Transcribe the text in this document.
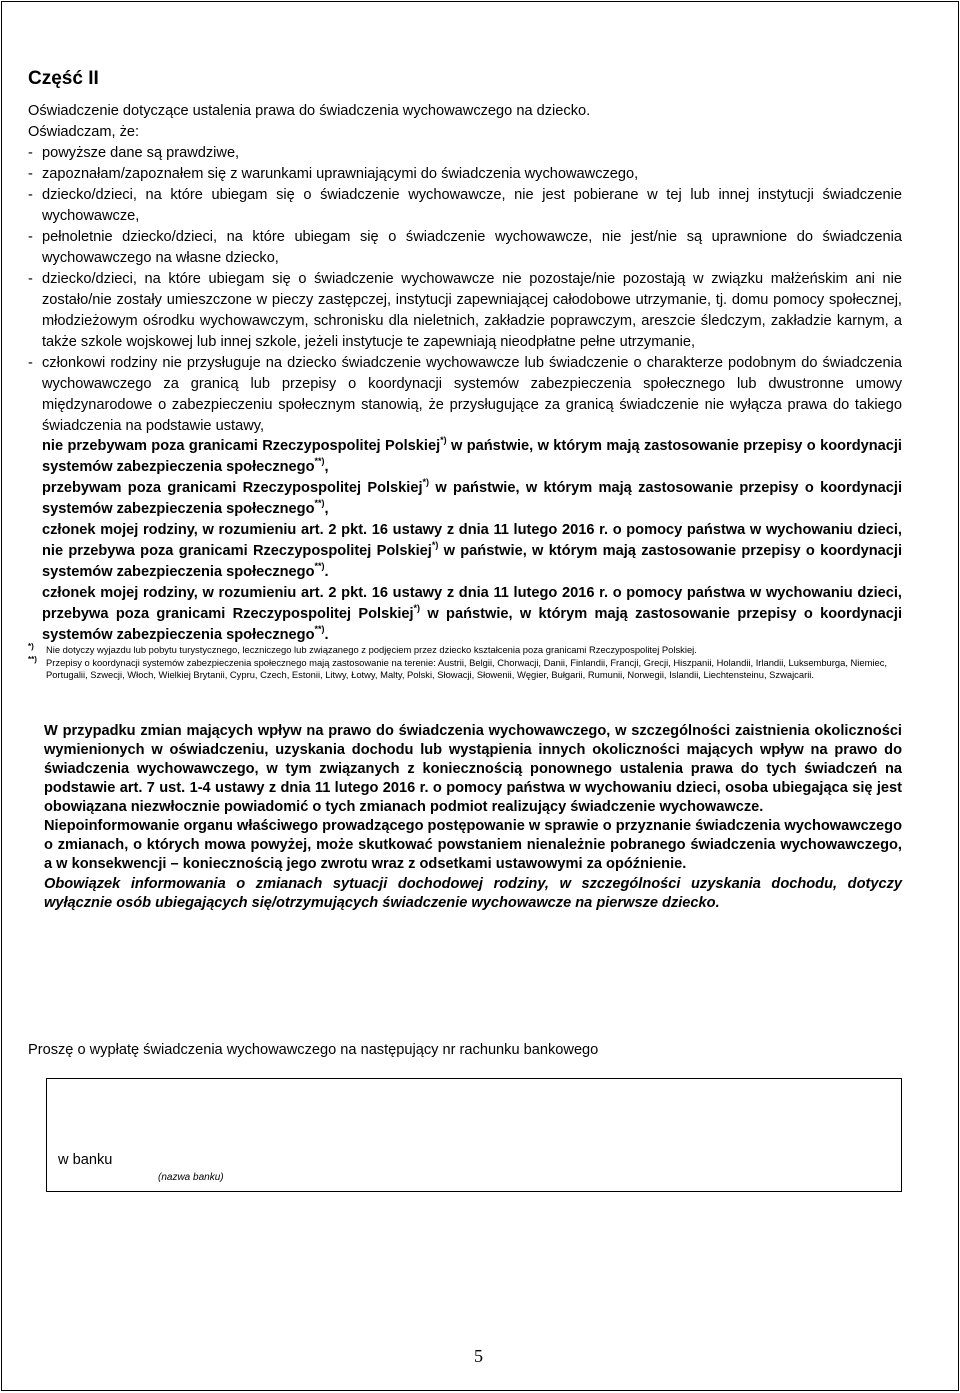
Część II

Oświadczenie dotyczące ustalenia prawa do świadczenia wychowawczego na dziecko.

Oświadczam, że:

- powyższe dane są prawdziwe,

- zapoznałam/zapoznałem się z warunkami uprawniającymi do świadczenia wychowawczego,

- dziecko/dzieci, na które ubiegam się o świadczenie wychowawcze, nie jest pobierane w tej lub innej instytucji świadczenie wychowawcze,

- pełnoletnie dziecko/dzieci, na które ubiegam się o świadczenie wychowawcze, nie jest/nie są uprawnione do świadczenia wychowawczego na własne dziecko,

- dziecko/dzieci, na które ubiegam się o świadczenie wychowawcze nie pozostaje/nie pozostają w związku małżeńskim ani nie zostało/nie zostały umieszczone w pieczy zastępczej, instytucji zapewniającej całodobowe utrzymanie, tj. domu pomocy społecznej, młodzieżowym ośrodku wychowawczym, schronisku dla nieletnich, zakładzie poprawczym, areszcie śledczym, zakładzie karnym, a także szkole wojskowej lub innej szkole, jeżeli instytucje te zapewniają nieodpłatne pełne utrzymanie,

- członkowi rodziny nie przysługuje na dziecko świadczenie wychowawcze lub świadczenie o charakterze podobnym do świadczenia wychowawczego za granicą lub przepisy o koordynacji systemów zabezpieczenia społecznego lub dwustronne umowy międzynarodowe o zabezpieczeniu społecznym stanowią, że przysługujące za granicą świadczenie nie wyłącza prawa do takiego świadczenia na podstawie ustawy,

nie przebywam poza granicami Rzeczypospolitej Polskiej*) w państwie, w którym mają zastosowanie przepisy o koordynacji systemów zabezpieczenia społecznego**),

przebywam poza granicami Rzeczypospolitej Polskiej*) w państwie, w którym mają zastosowanie przepisy o koordynacji systemów zabezpieczenia społecznego**),

członek mojej rodziny, w rozumieniu art. 2 pkt. 16 ustawy z dnia 11 lutego 2016 r. o pomocy państwa w wychowaniu dzieci, nie przebywa poza granicami Rzeczypospolitej Polskiej*) w państwie, w którym mają zastosowanie przepisy o koordynacji systemów zabezpieczenia społecznego**).

członek mojej rodziny, w rozumieniu art. 2 pkt. 16 ustawy z dnia 11 lutego 2016 r. o pomocy państwa w wychowaniu dzieci, przebywa poza granicami Rzeczypospolitej Polskiej*) w państwie, w którym mają zastosowanie przepisy o koordynacji systemów zabezpieczenia społecznego**).

*) Nie dotyczy wyjazdu lub pobytu turystycznego, leczniczego lub związanego z podjęciem przez dziecko kształcenia poza granicami Rzeczypospolitej Polskiej.

**) Przepisy o koordynacji systemów zabezpieczenia społecznego mają zastosowanie na terenie: Austrii, Belgii, Chorwacji, Danii, Finlandii, Francji, Grecji, Hiszpanii, Holandii, Irlandii, Luksemburga, Niemiec, Portugalii, Szwecji, Włoch, Wielkiej Brytanii, Cypru, Czech, Estonii, Litwy, Łotwy, Malty, Polski, Słowacji, Słowenii, Węgier, Bułgarii, Rumunii, Norwegii, Islandii, Liechtensteinu, Szwajcarii.

W przypadku zmian mających wpływ na prawo do świadczenia wychowawczego, w szczególności zaistnienia okoliczności wymienionych w oświadczeniu, uzyskania dochodu lub wystąpienia innych okoliczności mających wpływ na prawo do świadczenia wychowawczego, w tym związanych z koniecznością ponownego ustalenia prawa do tych świadczeń na podstawie art. 7 ust. 1-4 ustawy z dnia 11 lutego 2016 r. o pomocy państwa w wychowaniu dzieci, osoba ubiegająca się jest obowiązana niezwłocznie powiadomić o tych zmianach podmiot realizujący świadczenie wychowawcze.

Niepoinformowanie organu właściwego prowadzącego postępowanie w sprawie o przyznanie świadczenia wychowawczego o zmianach, o których mowa powyżej, może skutkować powstaniem nienależnie pobranego świadczenia wychowawczego, a w konsekwencji – koniecznością jego zwrotu wraz z odsetkami ustawowymi za opóźnienie.

Obowiązek informowania o zmianach sytuacji dochodowej rodziny, w szczególności uzyskania dochodu, dotyczy wyłącznie osób ubiegających się/otrzymujących świadczenie wychowawcze na pierwsze dziecko.

Proszę o wypłatę świadczenia wychowawczego na następujący nr rachunku bankowego
w banku
(nazwa banku)
5
